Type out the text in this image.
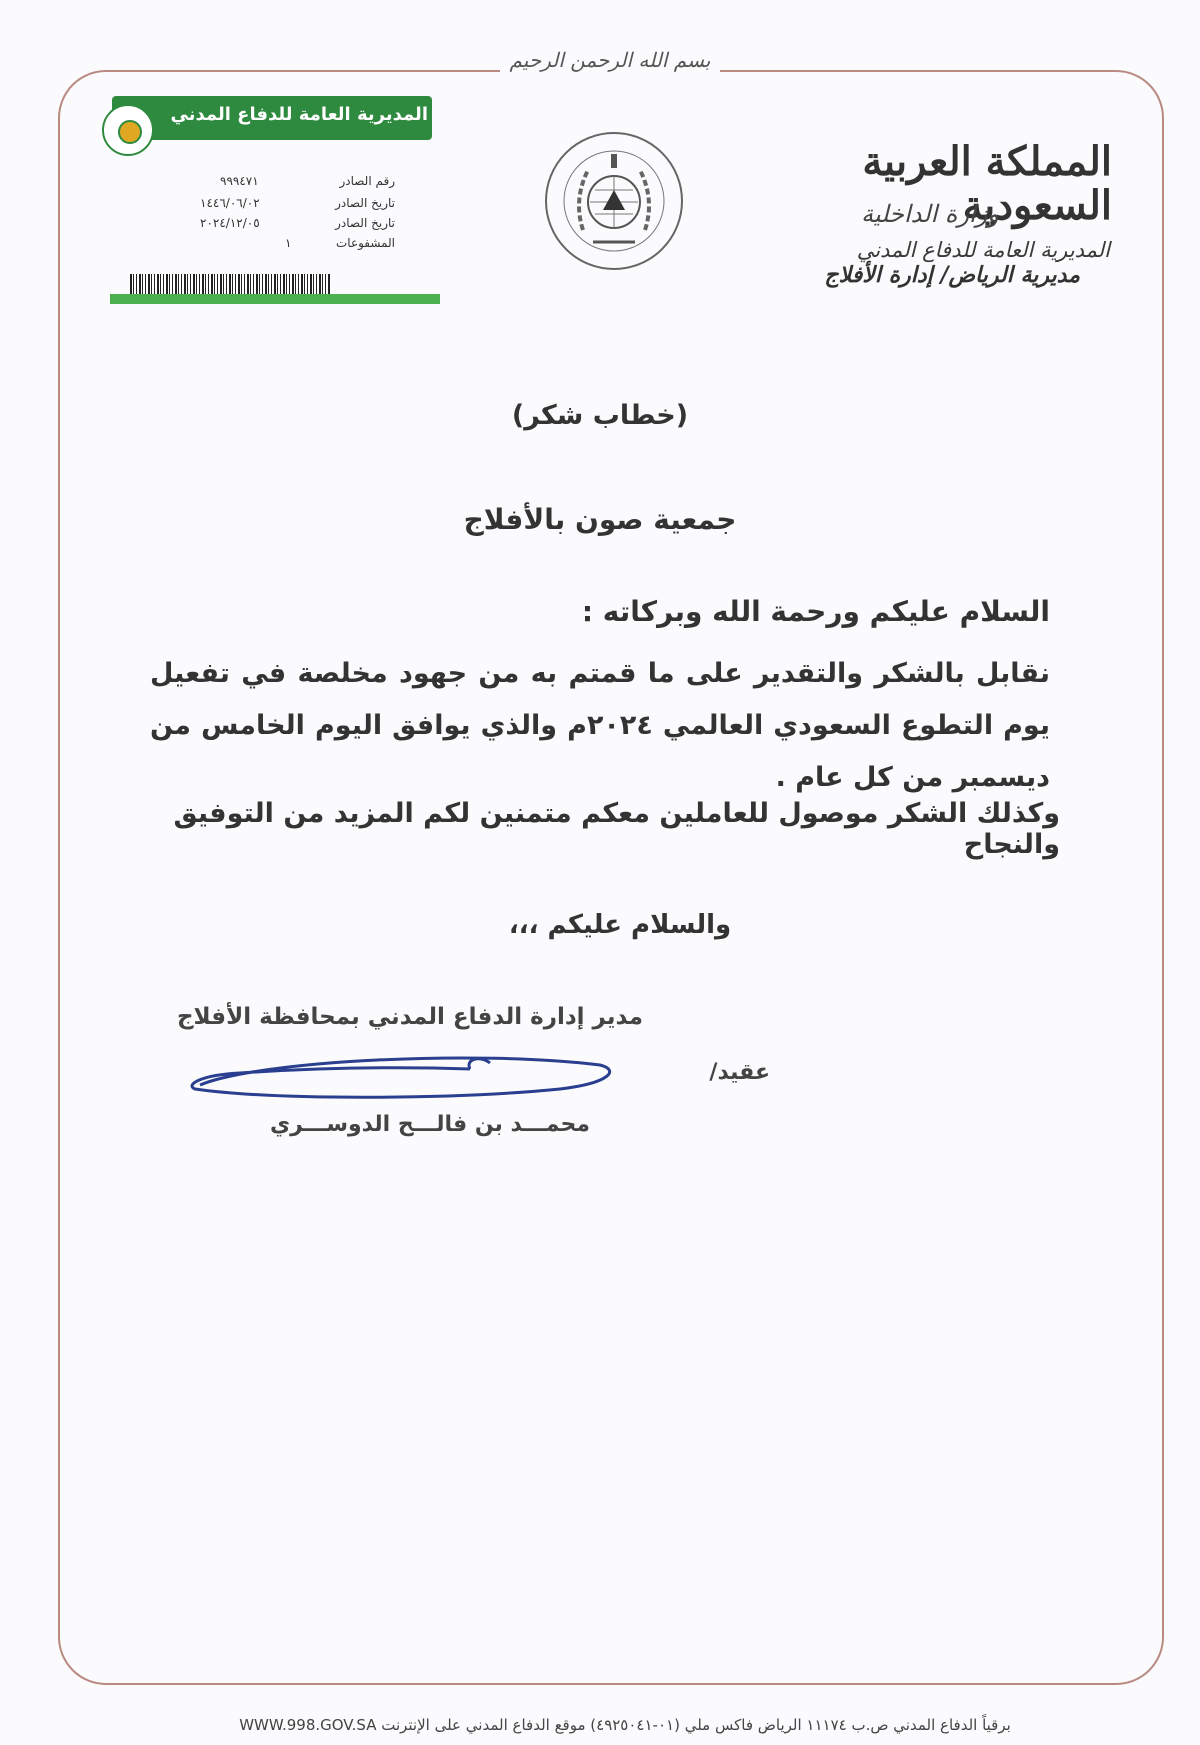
بسم الله الرحمن الرحيم
المملكة العربية السعودية
وزارة الداخلية
المديرية العامة للدفاع المدني
مديرية الرياض/ إدارة الأفلاج
المديرية العامة للدفاع المدني
رقم الصادر
٩٩٩٤٧١
تاريخ الصادر
١٤٤٦/٠٦/٠٢
تاريخ الصادر
٢٠٢٤/١٢/٠٥
المشفوعات
١
(خطاب شكر)
جمعية صون بالأفلاج
السلام عليكم ورحمة الله وبركاته :
نقابل بالشكر والتقدير على ما قمتم به من جهود مخلصة في تفعيل يوم التطوع السعودي العالمي ٢٠٢٤م والذي يوافق اليوم الخامس من ديسمبر من كل عام .
وكذلك الشكر موصول للعاملين معكم متمنين لكم المزيد من التوفيق والنجاح
والسلام عليكم ،،،
مدير إدارة الدفاع المدني بمحافظة الأفلاج
عقيد/
محمـــد بن فالـــح الدوســـري
برقياً الدفاع المدني ص.ب ١١١٧٤ الرياض فاكس ملي (٠١-٤٩٢٥٠٤١) موقع الدفاع المدني على الإنترنت WWW.998.GOV.SA
